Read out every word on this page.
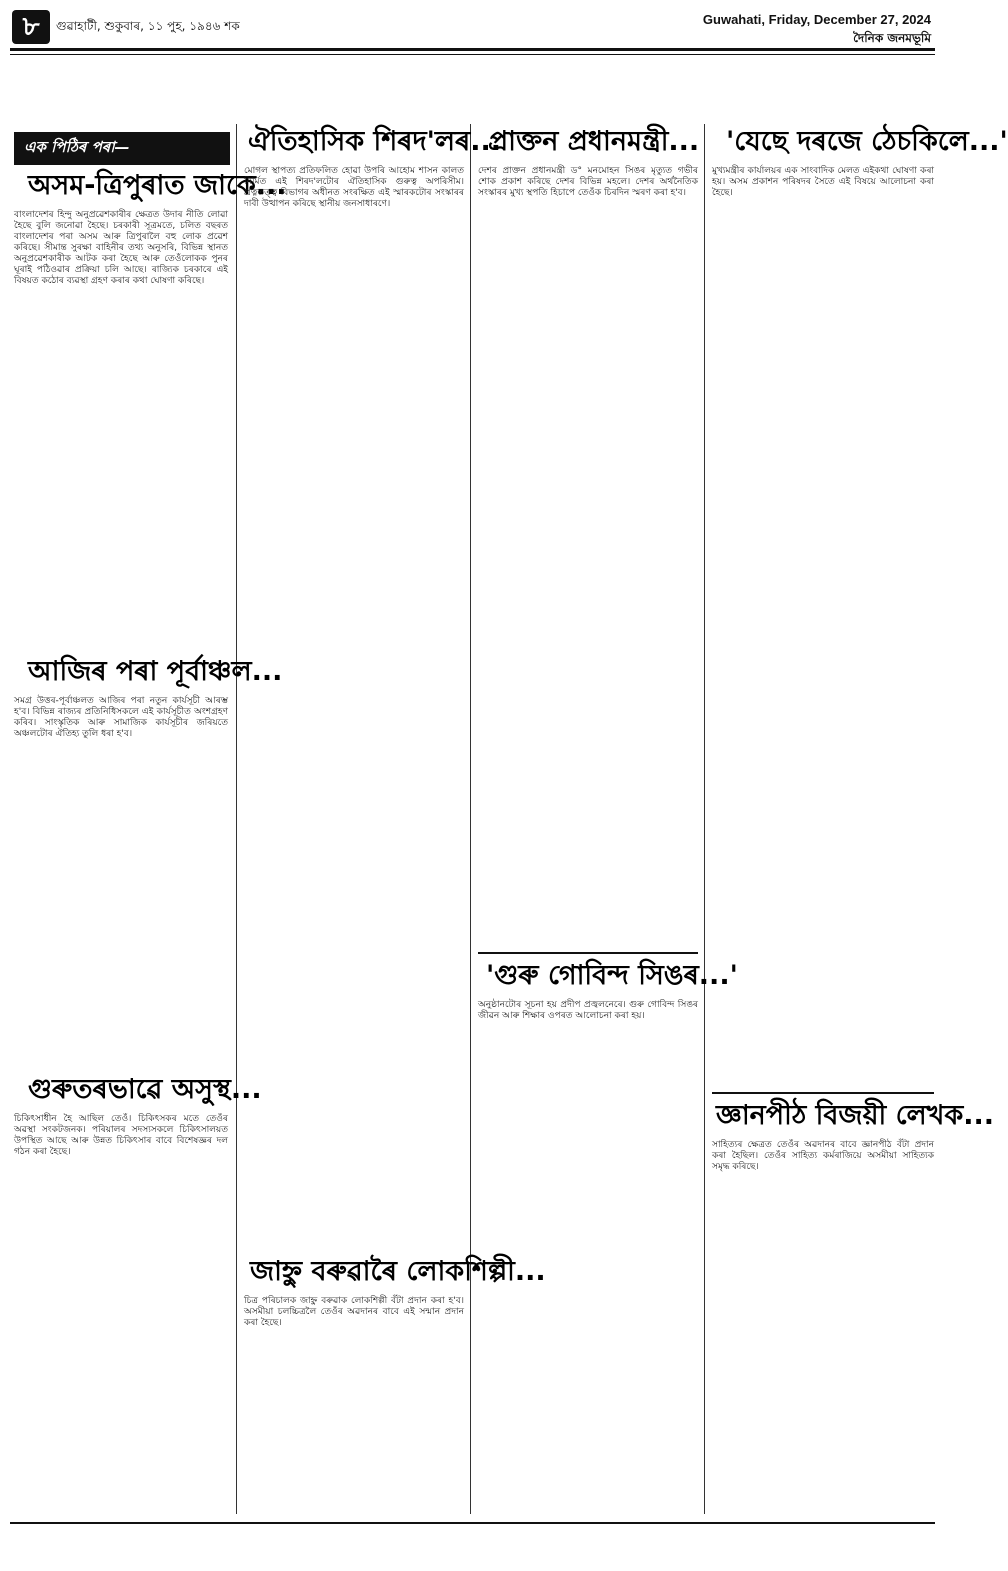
৮	গুৱাহাটী, শুকুবাৰ, ১১ পুহ, ১৯৪৬ শক	Guwahati, Friday, December 27, 2024
দৈনিক জনমভূমি
এক পিঠিৰ পৰা—
অসম-ত্ৰিপুৰাত জাকে...
বাংলাদেশৰ হিন্দু অনুপ্ৰৱেশকাৰীৰ ক্ষেত্ৰত উদাৰ নীতি লোৱা হৈছে বুলি জনোৱা হৈছে। চৰকাৰী সূত্ৰমতে, চলিত বছৰত বাংলাদেশৰ পৰা অসম আৰু ত্ৰিপুৰালৈ বহু লোক প্ৰৱেশ কৰিছে। সীমান্ত সুৰক্ষা বাহিনীৰ তথ্য অনুসৰি, বিভিন্ন স্থানত অনুপ্ৰৱেশকাৰীক আটক কৰা হৈছে আৰু তেওঁলোকক পুনৰ ঘূৰাই পঠিওৱাৰ প্ৰক্ৰিয়া চলি আছে। ৰাজ্যিক চৰকাৰে এই বিষয়ত কঠোৰ ব্যৱস্থা গ্ৰহণ কৰাৰ কথা ঘোষণা কৰিছে।
আজিৰ পৰা পূৰ্বাঞ্চল...
সমগ্ৰ উত্তৰ-পূৰ্বাঞ্চলত আজিৰ পৰা নতুন কাৰ্যসূচী আৰম্ভ হ'ব। বিভিন্ন ৰাজ্যৰ প্ৰতিনিধিসকলে এই কাৰ্যসূচীত অংশগ্ৰহণ কৰিব। সাংস্কৃতিক আৰু সামাজিক কাৰ্যসূচীৰ জৰিয়তে অঞ্চলটোৰ ঐতিহ্য তুলি ধৰা হ'ব।
গুৰুতৰভাৱে অসুস্থ...
চিকিৎসাধীন হৈ আছিল তেওঁ। চিকিৎসকৰ মতে তেওঁৰ অৱস্থা সংকটজনক। পৰিয়ালৰ সদস্যসকলে চিকিৎসালয়ত উপস্থিত আছে আৰু উন্নত চিকিৎসাৰ বাবে বিশেষজ্ঞৰ দল গঠন কৰা হৈছে।
ঐতিহাসিক শিৰদ'লৰ...
মোগল স্থাপত্য প্ৰতিফলিত হোৱা উপৰি আহোম শাসন কালত নিৰ্মিত এই শিৰদ'লটোৰ ঐতিহাসিক গুৰুত্ব অপৰিসীম। প্ৰত্নতত্ত্ব বিভাগৰ অধীনত সংৰক্ষিত এই স্মাৰকটোৰ সংস্কাৰৰ দাবী উত্থাপন কৰিছে স্থানীয় জনসাধাৰণে।
জাহ্নু বৰুৱাৰৈ লোকশিল্পী...
চিত্ৰ পৰিচালক জাহ্নু বৰুৱাক লোকশিল্পী বঁটা প্ৰদান কৰা হ'ব। অসমীয়া চলচ্চিত্ৰলৈ তেওঁৰ অৱদানৰ বাবে এই সন্মান প্ৰদান কৰা হৈছে।
প্ৰাক্তন প্ৰধানমন্ত্ৰী...
দেশৰ প্ৰাক্তন প্ৰধানমন্ত্ৰী ড° মনমোহন সিঙৰ মৃত্যুত গভীৰ শোক প্ৰকাশ কৰিছে দেশৰ বিভিন্ন মহলে। দেশৰ অৰ্থনৈতিক সংস্কাৰৰ মুখ্য স্থপতি হিচাপে তেওঁক চিৰদিন স্মৰণ কৰা হ'ব।
'গুৰু গোবিন্দ সিঙৰ...'
অনুষ্ঠানটোৰ সূচনা হয় প্ৰদীপ প্ৰজ্বলনেৰে। গুৰু গোবিন্দ সিঙৰ জীৱন আৰু শিক্ষাৰ ওপৰত আলোচনা কৰা হয়।
'যেছে দৰজে ঠেচকিলে...'
মুখ্যমন্ত্ৰীৰ কাৰ্যালয়ৰ এক সাংবাদিক মেলত এইকথা ঘোষণা কৰা হয়। অসম প্ৰকাশন পৰিষদৰ সৈতে এই বিষয়ে আলোচনা কৰা হৈছে।
জ্ঞানপীঠ বিজয়ী লেখক...
সাহিত্যৰ ক্ষেত্ৰত তেওঁৰ অৱদানৰ বাবে জ্ঞানপীঠ বঁটা প্ৰদান কৰা হৈছিল। তেওঁৰ সাহিত্য কৰ্মৰাজিয়ে অসমীয়া সাহিত্যক সমৃদ্ধ কৰিছে।
